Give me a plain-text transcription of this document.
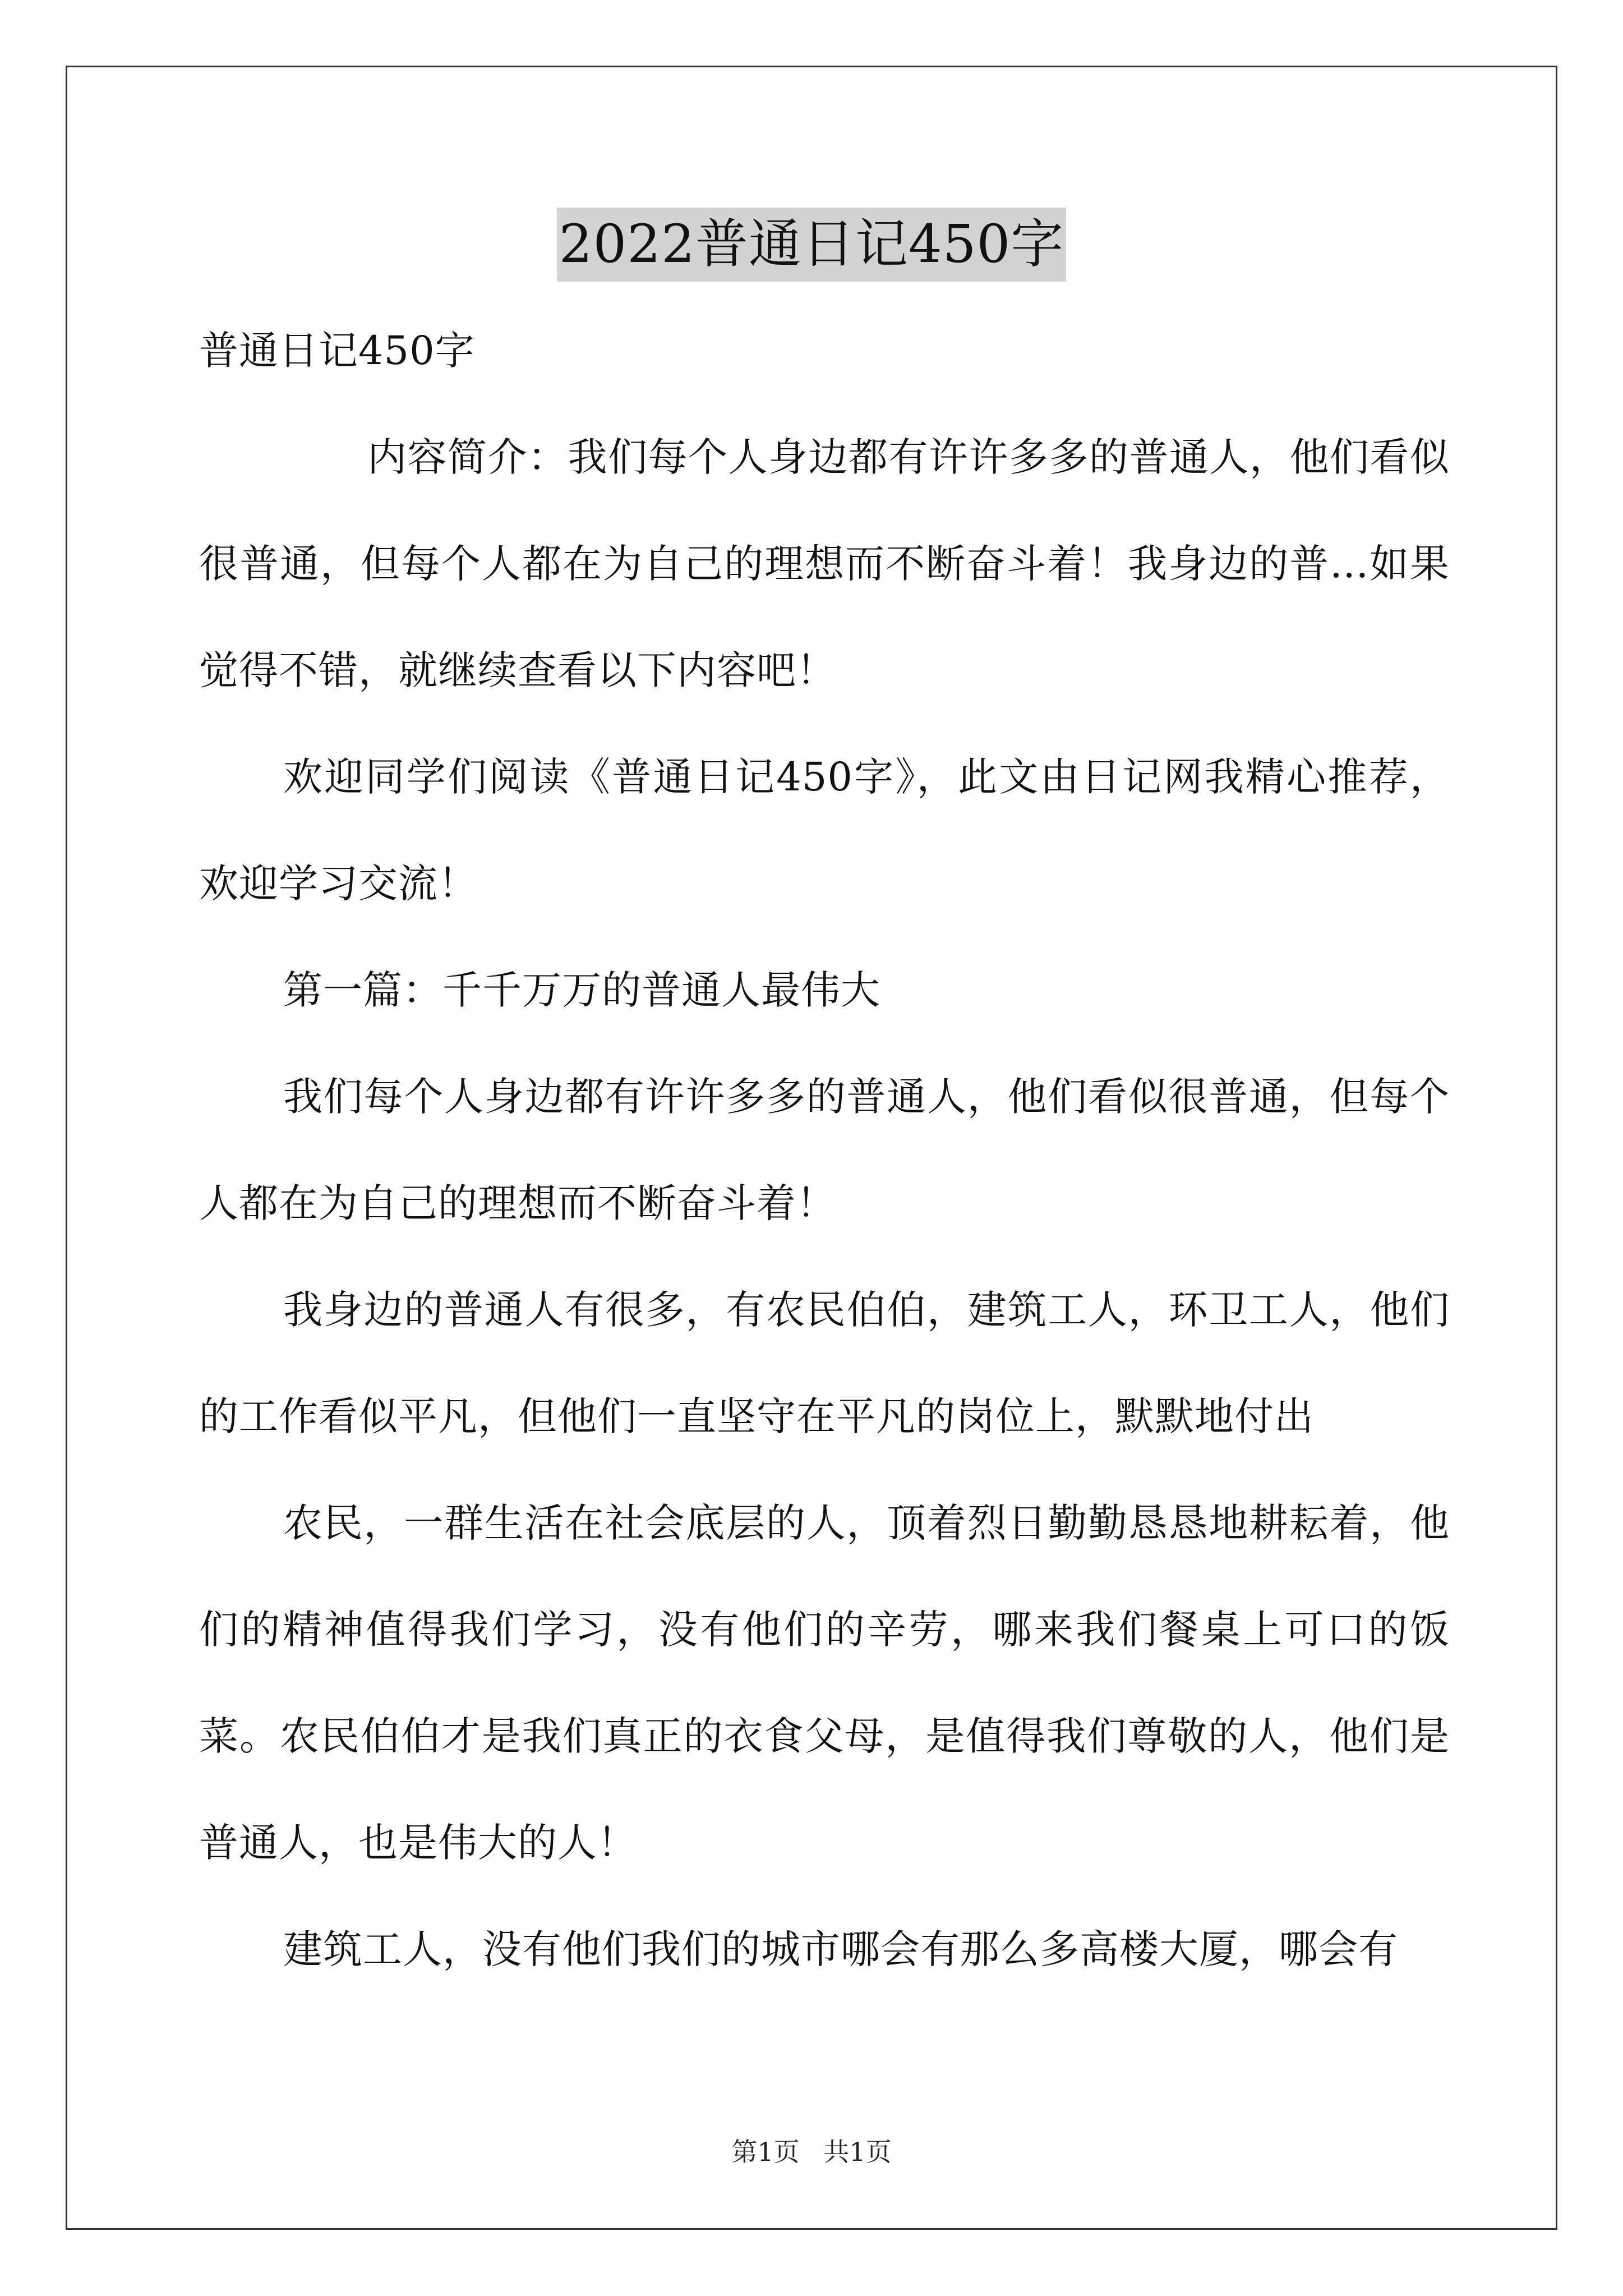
2022普通日记450字

普通日记450字

内容简介：我们每个人身边都有许许多多的普通人，他们看似很普通，但每个人都在为自己的理想而不断奋斗着！我身边的普...如果觉得不错，就继续查看以下内容吧！

欢迎同学们阅读《普通日记450字》，此文由日记网我精心推荐，欢迎学习交流！

第一篇：千千万万的普通人最伟大

我们每个人身边都有许许多多的普通人，他们看似很普通，但每个人都在为自己的理想而不断奋斗着！

我身边的普通人有很多，有农民伯伯，建筑工人，环卫工人，他们的工作看似平凡，但他们一直坚守在平凡的岗位上，默默地付出

农民，一群生活在社会底层的人，顶着烈日勤勤恳恳地耕耘着，他们的精神值得我们学习，没有他们的辛劳，哪来我们餐桌上可口的饭菜。农民伯伯才是我们真正的衣食父母，是值得我们尊敬的人，他们是普通人，也是伟大的人！

建筑工人，没有他们我们的城市哪会有那么多高楼大厦，哪会有

第1页 共1页
